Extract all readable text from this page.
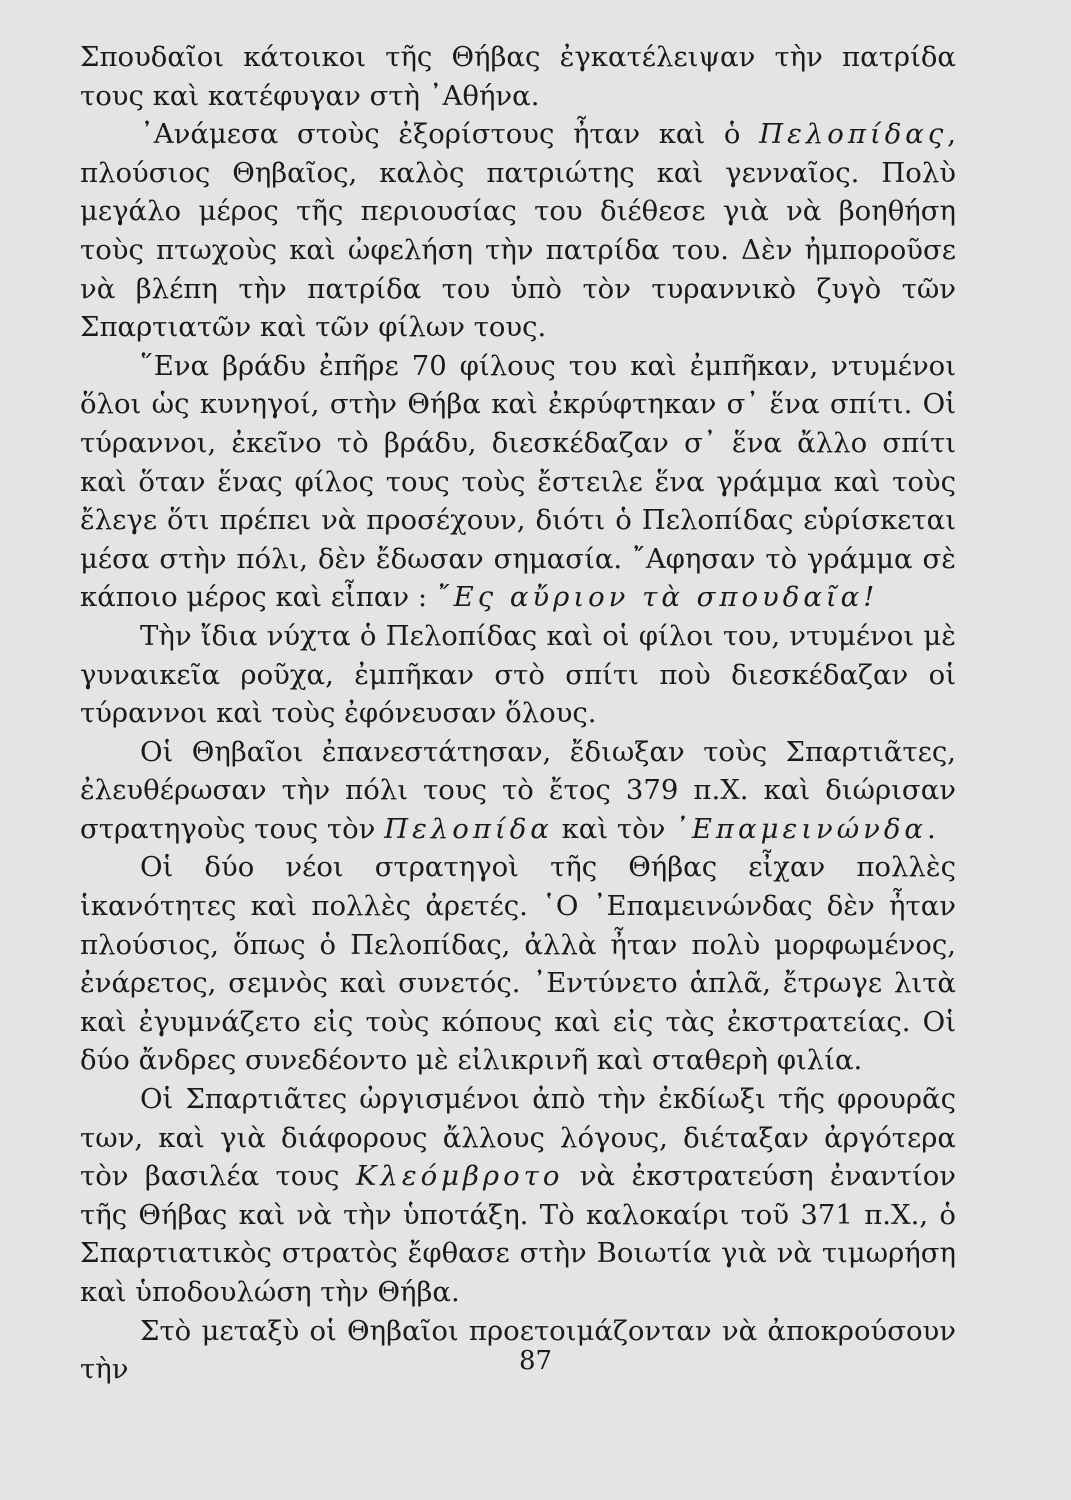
Σπουδαῖοι κάτοικοι τῆς Θήβας ἐγκατέλειψαν τὴν πατρίδα τους καὶ κατέφυγαν στὴ ᾿Αθήνα.

᾿Ανάμεσα στοὺς ἐξορίστους ἦταν καὶ ὁ Πελοπίδας, πλούσιος Θηβαῖος, καλὸς πατριώτης καὶ γενναῖος. Πολὺ μεγάλο μέρος τῆς περιουσίας του διέθεσε γιὰ νὰ βοηθήση τοὺς πτωχοὺς καὶ ὠφελήση τὴν πατρίδα του. Δὲν ἠμποροῦσε νὰ βλέπη τὴν πατρίδα του ὑπὸ τὸν τυραννικὸ ζυγὸ τῶν Σπαρτιατῶν καὶ τῶν φίλων τους.

῞Ενα βράδυ ἐπῆρε 70 φίλους του καὶ ἐμπῆκαν, ντυμένοι ὅλοι ὡς κυνηγοί, στὴν Θήβα καὶ ἐκρύφτηκαν σ᾿ ἕνα σπίτι. Οἱ τύραννοι, ἐκεῖνο τὸ βράδυ, διεσκέδαζαν σ᾿ ἕνα ἄλλο σπίτι καὶ ὅταν ἕνας φίλος τους τοὺς ἔστειλε ἕνα γράμμα καὶ τοὺς ἔλεγε ὅτι πρέπει νὰ προσέχουν, διότι ὁ Πελοπίδας εὑρίσκεται μέσα στὴν πόλι, δὲν ἔδωσαν σημασία. ῎Αφησαν τὸ γράμμα σὲ κάποιο μέρος καὶ εἶπαν : ῎Ες αὔριον τὰ σπουδαῖα!

Τὴν ἴδια νύχτα ὁ Πελοπίδας καὶ οἱ φίλοι του, ντυμένοι μὲ γυναικεῖα ροῦχα, ἐμπῆκαν στὸ σπίτι ποὺ διεσκέδαζαν οἱ τύραννοι καὶ τοὺς ἐφόνευσαν ὅλους.

Οἱ Θηβαῖοι ἐπανεστάτησαν, ἔδιωξαν τοὺς Σπαρτιᾶτες, ἐλευθέρωσαν τὴν πόλι τους τὸ ἔτος 379 π.Χ. καὶ διώρισαν στρατηγοὺς τους τὸν Πελοπίδα καὶ τὸν ᾿Επαμεινώνδα.

Οἱ δύο νέοι στρατηγοὶ τῆς Θήβας εἶχαν πολλὲς ἱκανότητες καὶ πολλὲς ἀρετές. ῾Ο ᾿Επαμεινώνδας δὲν ἦταν πλούσιος, ὅπως ὁ Πελοπίδας, ἀλλὰ ἦταν πολὺ μορφωμένος, ἐνάρετος, σεμνὸς καὶ συνετός. ᾿Εντύνετο ἁπλᾶ, ἔτρωγε λιτὰ καὶ ἐγυμνάζετο εἰς τοὺς κόπους καὶ εἰς τὰς ἐκστρατείας. Οἱ δύο ἄνδρες συνεδέοντο μὲ εἰλικρινῆ καὶ σταθερὴ φιλία.

Οἱ Σπαρτιᾶτες ὠργισμένοι ἀπὸ τὴν ἐκδίωξι τῆς φρουρᾶς των, καὶ γιὰ διάφορους ἄλλους λόγους, διέταξαν ἀργότερα τὸν βασιλέα τους Κλεόμβροτο νὰ ἐκστρατεύση ἐναντίον τῆς Θήβας καὶ νὰ τὴν ὑποτάξη. Τὸ καλοκαίρι τοῦ 371 π.Χ., ὁ Σπαρτιατικὸς στρατὸς ἔφθασε στὴν Βοιωτία γιὰ νὰ τιμωρήση καὶ ὑποδουλώση τὴν Θήβα.

Στὸ μεταξὺ οἱ Θηβαῖοι προετοιμάζονταν νὰ ἀποκρούσουν τὴν	87
